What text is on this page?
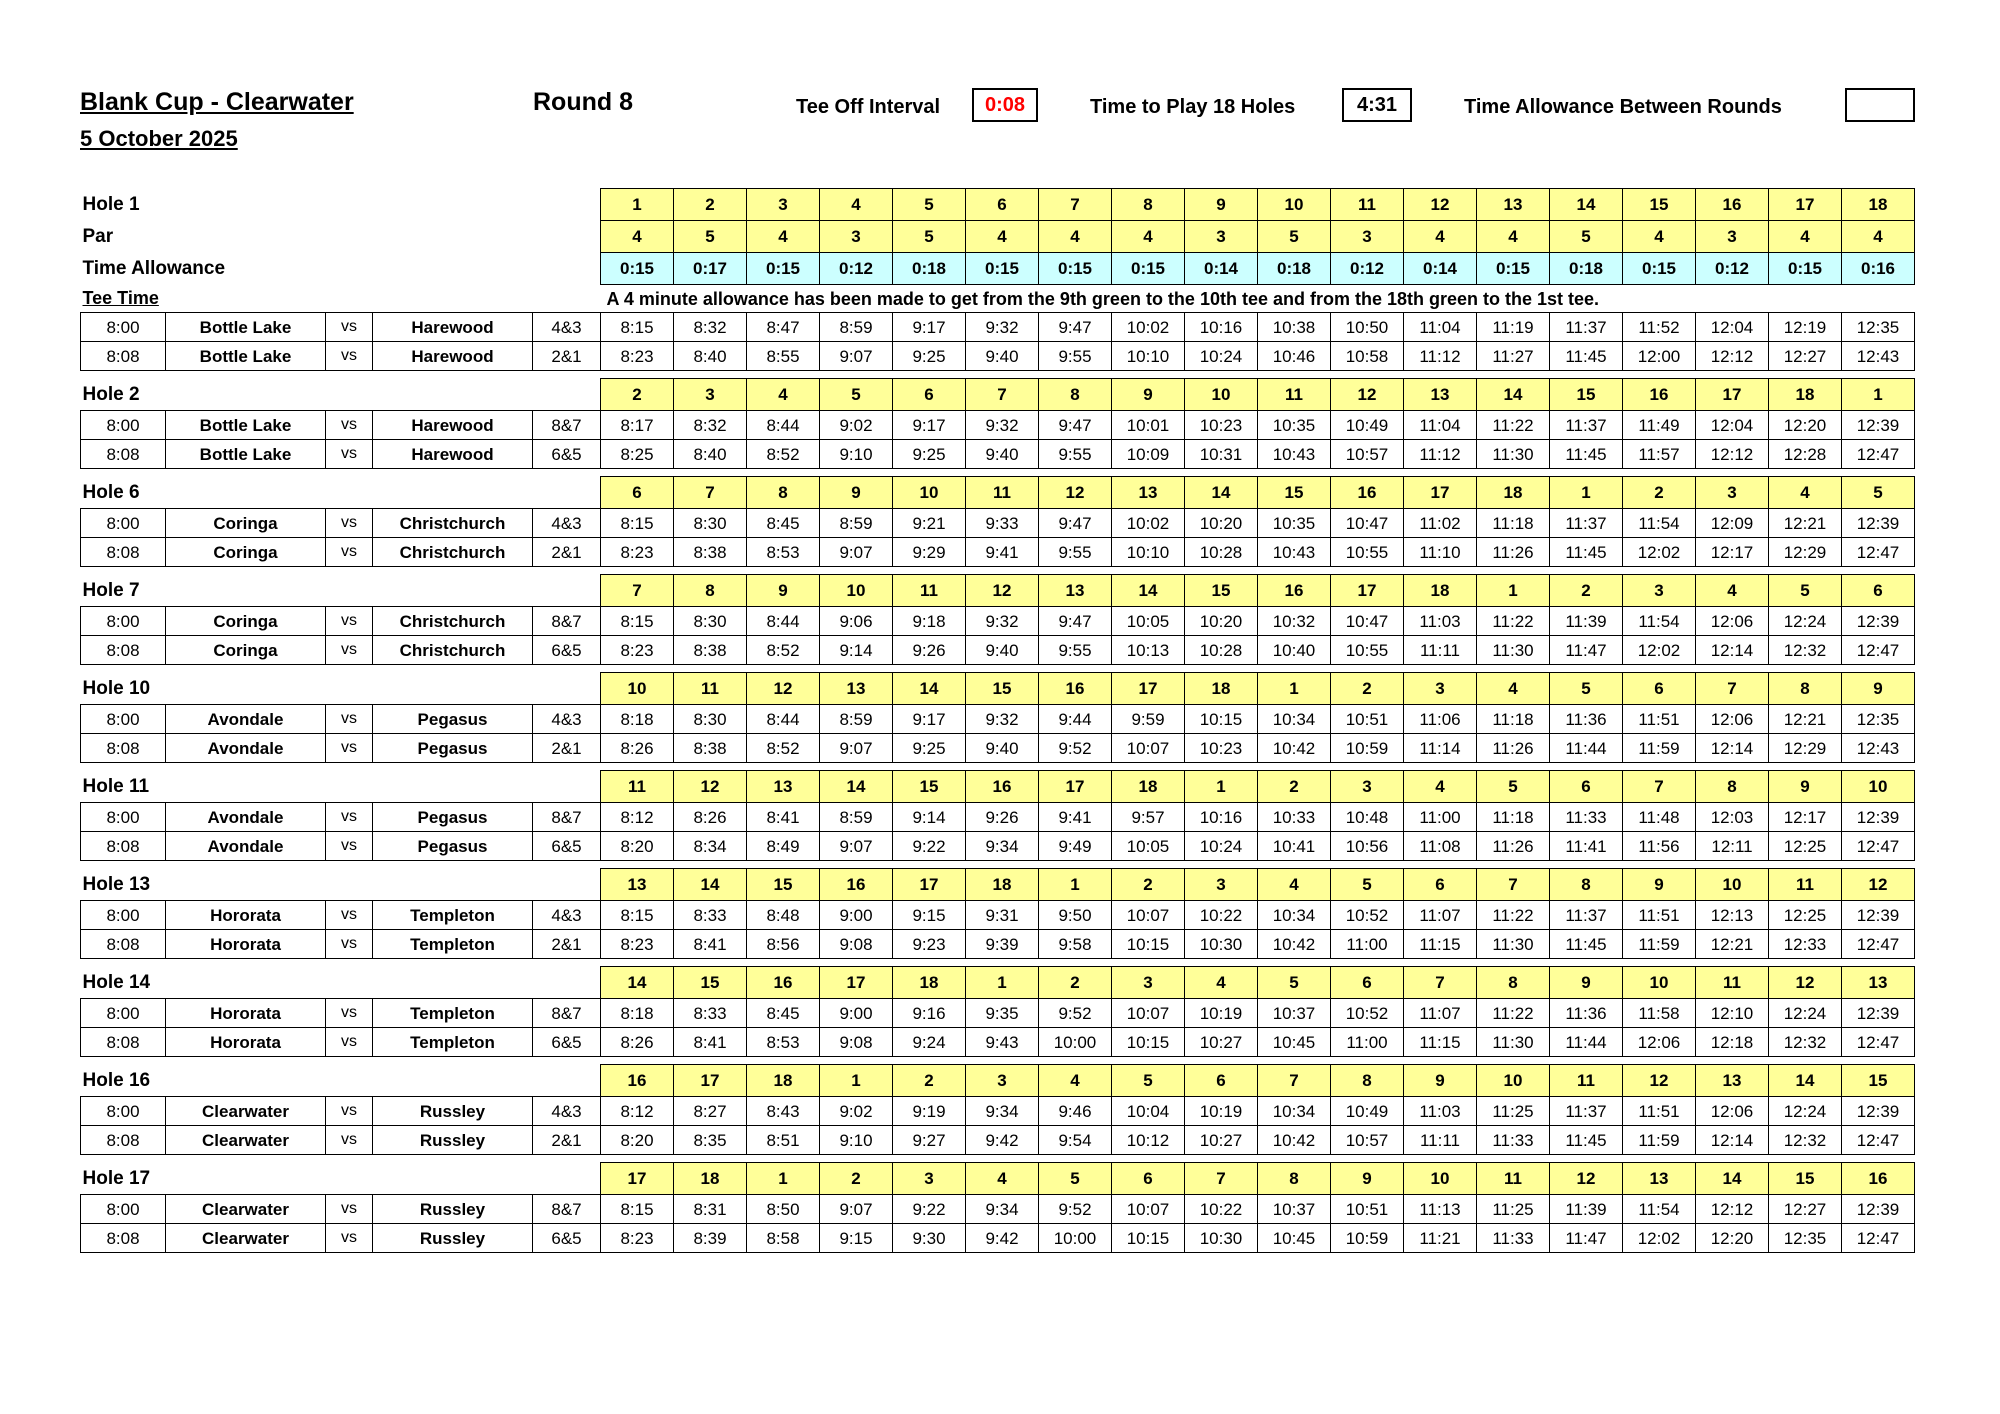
Blank Cup - Clearwater
5 October 2025
Round 8	Tee Off Interval	0:08	Time to Play 18 Holes	4:31	Time Allowance Between Rounds
Hole 1					1	2	3	4	5	6	7	8	9	10	11	12	13	14	15	16	17	18
Par					4	5	4	3	5	4	4	4	3	5	3	4	4	5	4	3	4	4
Time Allowance					0:15	0:17	0:15	0:12	0:18	0:15	0:15	0:15	0:14	0:18	0:12	0:14	0:15	0:18	0:15	0:12	0:15	0:16
Tee Time					A 4 minute allowance has been made to get from the 9th green to the 10th tee and from the 18th green to the 1st tee.																	
8:00	Bottle Lake	vs	Harewood	4&3	8:15	8:32	8:47	8:59	9:17	9:32	9:47	10:02	10:16	10:38	10:50	11:04	11:19	11:37	11:52	12:04	12:19	12:35
8:08	Bottle Lake	vs	Harewood	2&1	8:23	8:40	8:55	9:07	9:25	9:40	9:55	10:10	10:24	10:46	10:58	11:12	11:27	11:45	12:00	12:12	12:27	12:43

Hole 2					2	3	4	5	6	7	8	9	10	11	12	13	14	15	16	17	18	1
8:00	Bottle Lake	vs	Harewood	8&7	8:17	8:32	8:44	9:02	9:17	9:32	9:47	10:01	10:23	10:35	10:49	11:04	11:22	11:37	11:49	12:04	12:20	12:39
8:08	Bottle Lake	vs	Harewood	6&5	8:25	8:40	8:52	9:10	9:25	9:40	9:55	10:09	10:31	10:43	10:57	11:12	11:30	11:45	11:57	12:12	12:28	12:47

Hole 6					6	7	8	9	10	11	12	13	14	15	16	17	18	1	2	3	4	5
8:00	Coringa	vs	Christchurch	4&3	8:15	8:30	8:45	8:59	9:21	9:33	9:47	10:02	10:20	10:35	10:47	11:02	11:18	11:37	11:54	12:09	12:21	12:39
8:08	Coringa	vs	Christchurch	2&1	8:23	8:38	8:53	9:07	9:29	9:41	9:55	10:10	10:28	10:43	10:55	11:10	11:26	11:45	12:02	12:17	12:29	12:47

Hole 7					7	8	9	10	11	12	13	14	15	16	17	18	1	2	3	4	5	6
8:00	Coringa	vs	Christchurch	8&7	8:15	8:30	8:44	9:06	9:18	9:32	9:47	10:05	10:20	10:32	10:47	11:03	11:22	11:39	11:54	12:06	12:24	12:39
8:08	Coringa	vs	Christchurch	6&5	8:23	8:38	8:52	9:14	9:26	9:40	9:55	10:13	10:28	10:40	10:55	11:11	11:30	11:47	12:02	12:14	12:32	12:47

Hole 10					10	11	12	13	14	15	16	17	18	1	2	3	4	5	6	7	8	9
8:00	Avondale	vs	Pegasus	4&3	8:18	8:30	8:44	8:59	9:17	9:32	9:44	9:59	10:15	10:34	10:51	11:06	11:18	11:36	11:51	12:06	12:21	12:35
8:08	Avondale	vs	Pegasus	2&1	8:26	8:38	8:52	9:07	9:25	9:40	9:52	10:07	10:23	10:42	10:59	11:14	11:26	11:44	11:59	12:14	12:29	12:43

Hole 11					11	12	13	14	15	16	17	18	1	2	3	4	5	6	7	8	9	10
8:00	Avondale	vs	Pegasus	8&7	8:12	8:26	8:41	8:59	9:14	9:26	9:41	9:57	10:16	10:33	10:48	11:00	11:18	11:33	11:48	12:03	12:17	12:39
8:08	Avondale	vs	Pegasus	6&5	8:20	8:34	8:49	9:07	9:22	9:34	9:49	10:05	10:24	10:41	10:56	11:08	11:26	11:41	11:56	12:11	12:25	12:47

Hole 13					13	14	15	16	17	18	1	2	3	4	5	6	7	8	9	10	11	12
8:00	Hororata	vs	Templeton	4&3	8:15	8:33	8:48	9:00	9:15	9:31	9:50	10:07	10:22	10:34	10:52	11:07	11:22	11:37	11:51	12:13	12:25	12:39
8:08	Hororata	vs	Templeton	2&1	8:23	8:41	8:56	9:08	9:23	9:39	9:58	10:15	10:30	10:42	11:00	11:15	11:30	11:45	11:59	12:21	12:33	12:47

Hole 14					14	15	16	17	18	1	2	3	4	5	6	7	8	9	10	11	12	13
8:00	Hororata	vs	Templeton	8&7	8:18	8:33	8:45	9:00	9:16	9:35	9:52	10:07	10:19	10:37	10:52	11:07	11:22	11:36	11:58	12:10	12:24	12:39
8:08	Hororata	vs	Templeton	6&5	8:26	8:41	8:53	9:08	9:24	9:43	10:00	10:15	10:27	10:45	11:00	11:15	11:30	11:44	12:06	12:18	12:32	12:47

Hole 16					16	17	18	1	2	3	4	5	6	7	8	9	10	11	12	13	14	15
8:00	Clearwater	vs	Russley	4&3	8:12	8:27	8:43	9:02	9:19	9:34	9:46	10:04	10:19	10:34	10:49	11:03	11:25	11:37	11:51	12:06	12:24	12:39
8:08	Clearwater	vs	Russley	2&1	8:20	8:35	8:51	9:10	9:27	9:42	9:54	10:12	10:27	10:42	10:57	11:11	11:33	11:45	11:59	12:14	12:32	12:47

Hole 17					17	18	1	2	3	4	5	6	7	8	9	10	11	12	13	14	15	16
8:00	Clearwater	vs	Russley	8&7	8:15	8:31	8:50	9:07	9:22	9:34	9:52	10:07	10:22	10:37	10:51	11:13	11:25	11:39	11:54	12:12	12:27	12:39
8:08	Clearwater	vs	Russley	6&5	8:23	8:39	8:58	9:15	9:30	9:42	10:00	10:15	10:30	10:45	10:59	11:21	11:33	11:47	12:02	12:20	12:35	12:47
